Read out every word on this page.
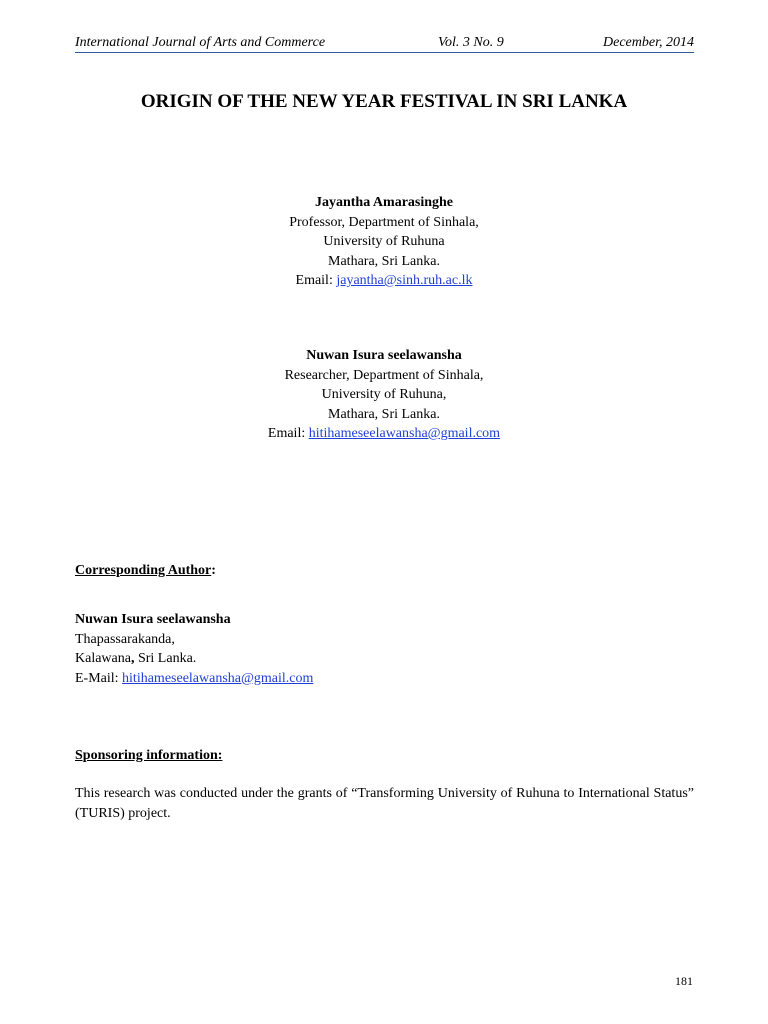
International Journal of Arts and Commerce	Vol. 3 No. 9	December, 2014
ORIGIN OF THE NEW YEAR FESTIVAL IN SRI LANKA
Jayantha Amarasinghe
Professor, Department of Sinhala,
University of Ruhuna
Mathara, Sri Lanka.
Email: jayantha@sinh.ruh.ac.lk
Nuwan Isura seelawansha
Researcher, Department of Sinhala,
University of Ruhuna,
Mathara, Sri Lanka.
Email: hitihameseelawansha@gmail.com
Corresponding Author:
Nuwan Isura seelawansha
Thapassarakanda,
Kalawana, Sri Lanka.
E-Mail: hitihameseelawansha@gmail.com
Sponsoring information:
This research was conducted under the grants of “Transforming University of Ruhuna to International Status” (TURIS) project.
181
